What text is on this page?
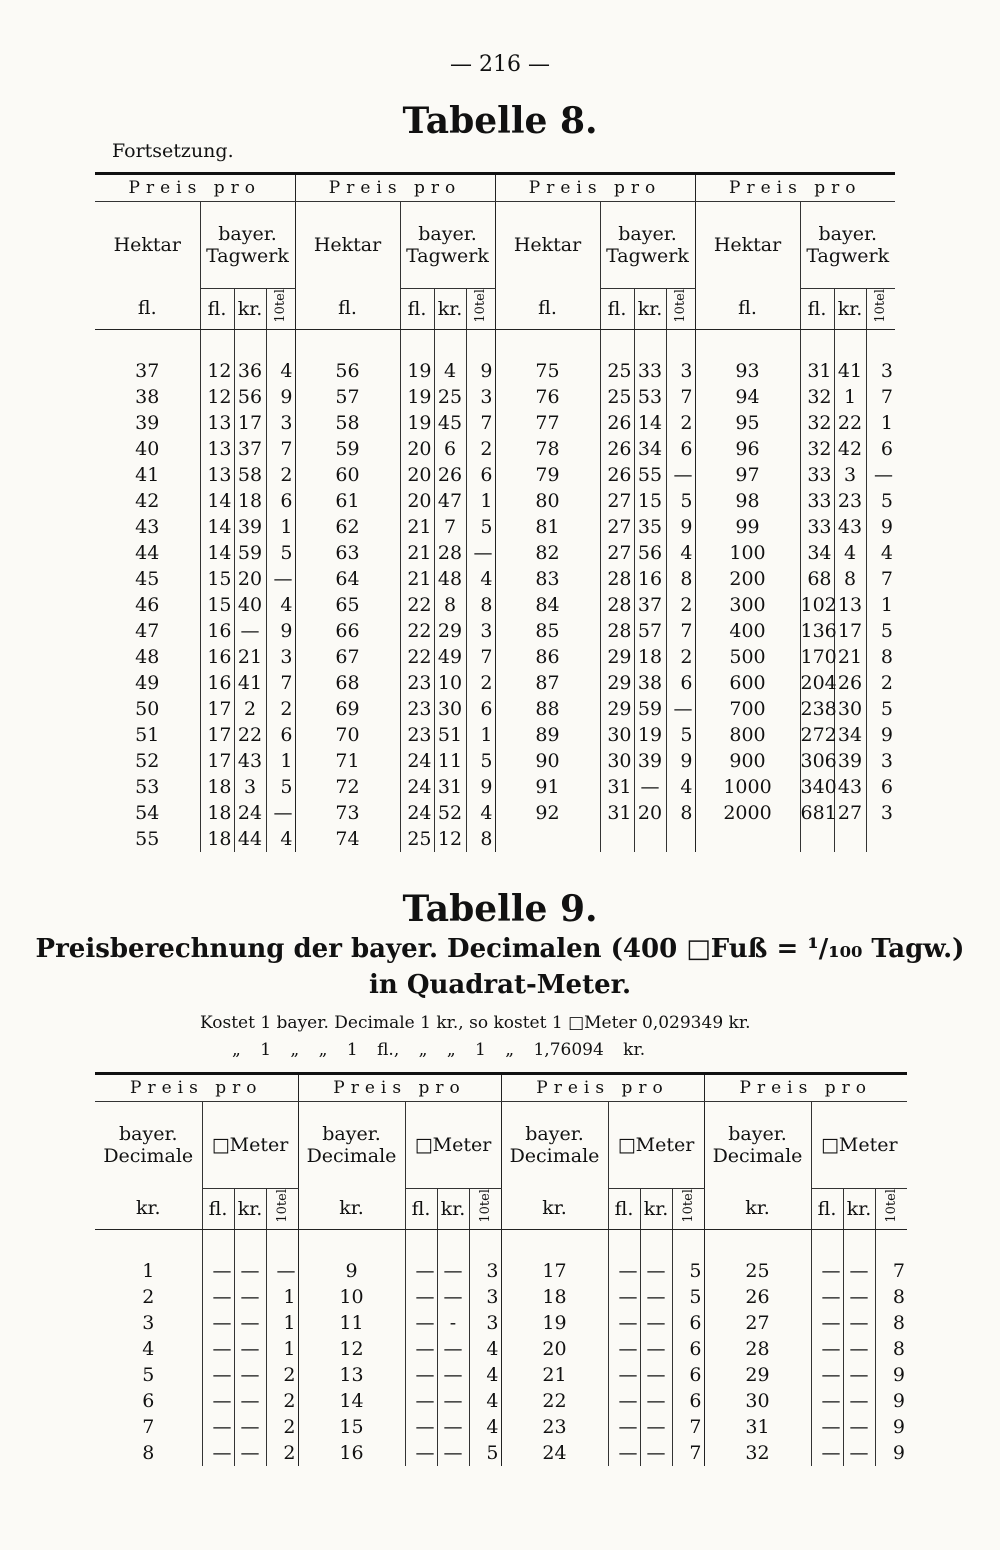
— 216 —
Tabelle 8.
Fortsetzung.
Preis pro				Preis pro				Preis pro				Preis pro			
Hektar	bayer. Tagwerk			Hektar	bayer. Tagwerk			Hektar	bayer. Tagwerk			Hektar	bayer. Tagwerk		
fl.	fl.	kr.	10tel	fl.	fl.	kr.	10tel	fl.	fl.	kr.	10tel	fl.	fl.	kr.	10tel

37	12	36	4	56	19	4	9	75	25	33	3	93	31	41	3
38	12	56	9	57	19	25	3	76	25	53	7	94	32	1	7
39	13	17	3	58	19	45	7	77	26	14	2	95	32	22	1
40	13	37	7	59	20	6	2	78	26	34	6	96	32	42	6
41	13	58	2	60	20	26	6	79	26	55	—	97	33	3	—
42	14	18	6	61	20	47	1	80	27	15	5	98	33	23	5
43	14	39	1	62	21	7	5	81	27	35	9	99	33	43	9
44	14	59	5	63	21	28	—	82	27	56	4	100	34	4	4
45	15	20	—	64	21	48	4	83	28	16	8	200	68	8	7
46	15	40	4	65	22	8	8	84	28	37	2	300	102	13	1
47	16	—	9	66	22	29	3	85	28	57	7	400	136	17	5
48	16	21	3	67	22	49	7	86	29	18	2	500	170	21	8
49	16	41	7	68	23	10	2	87	29	38	6	600	204	26	2
50	17	2	2	69	23	30	6	88	29	59	—	700	238	30	5
51	17	22	6	70	23	51	1	89	30	19	5	800	272	34	9
52	17	43	1	71	24	11	5	90	30	39	9	900	306	39	3
53	18	3	5	72	24	31	9	91	31	—	4	1000	340	43	6
54	18	24	—	73	24	52	4	92	31	20	8	2000	681	27	3
55	18	44	4	74	25	12	8								
Tabelle 9.
Preisberechnung der bayer. Decimalen (400 □Fuß = ¹/₁₀₀ Tagw.)
in Quadrat-Meter.
Kostet 1 bayer. Decimale 1 kr., so kostet 1 □Meter 0,029349 kr.
„ 1 „ „ 1 fl., „ „ 1 „ 1,76094 kr.
Preis pro				Preis pro				Preis pro				Preis pro			
bayer. Decimale	□Meter			bayer. Decimale	□Meter			bayer. Decimale	□Meter			bayer. Decimale	□Meter		
kr.	fl.	kr.	10tel	kr.	fl.	kr.	10tel	kr.	fl.	kr.	10tel	kr.	fl.	kr.	10tel

1	—	—	—	9	—	—	3	17	—	—	5	25	—	—	7
2	—	—	1	10	—	—	3	18	—	—	5	26	—	—	8
3	—	—	1	11	—	-	3	19	—	—	6	27	—	—	8
4	—	—	1	12	—	—	4	20	—	—	6	28	—	—	8
5	—	—	2	13	—	—	4	21	—	—	6	29	—	—	9
6	—	—	2	14	—	—	4	22	—	—	6	30	—	—	9
7	—	—	2	15	—	—	4	23	—	—	7	31	—	—	9
8	—	—	2	16	—	—	5	24	—	—	7	32	—	—	9
